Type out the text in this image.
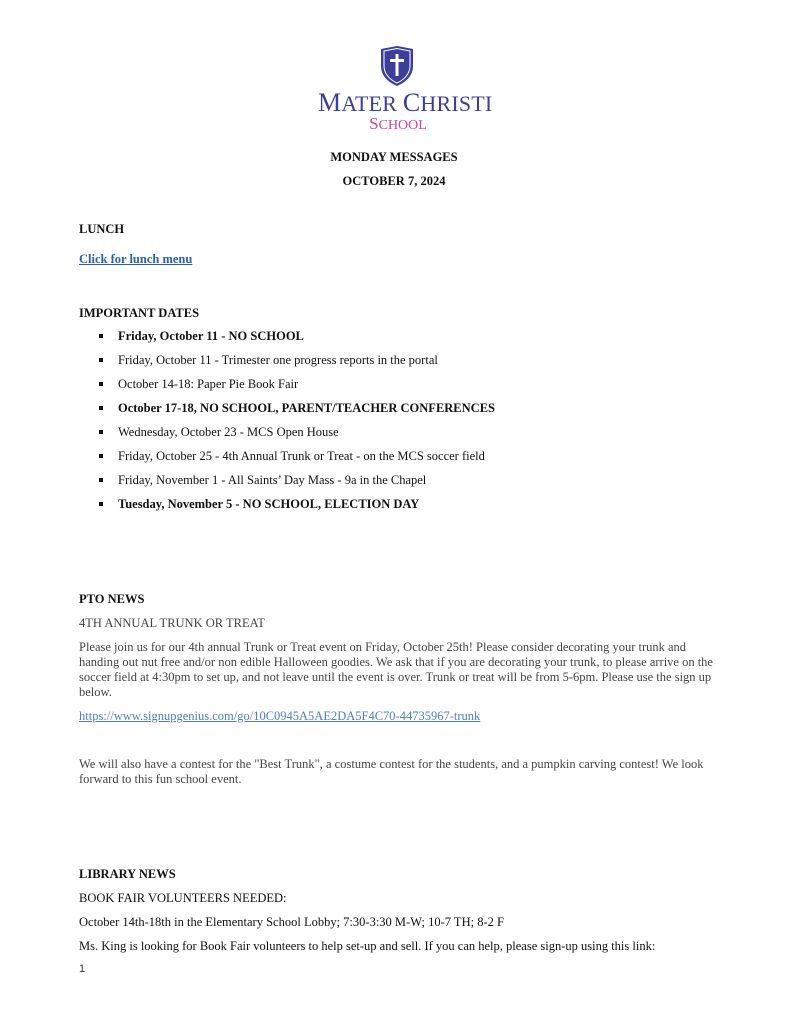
MATER CHRISTI
SCHOOL
MONDAY MESSAGES
OCTOBER 7, 2024
LUNCH
Click for lunch menu
IMPORTANT DATES
Friday, October 11 - NO SCHOOL
Friday, October 11 - Trimester one progress reports in the portal
October 14-18: Paper Pie Book Fair
October 17-18, NO SCHOOL, PARENT/TEACHER CONFERENCES
Wednesday, October 23 - MCS Open House
Friday, October 25 - 4th Annual Trunk or Treat - on the MCS soccer field
Friday, November 1 - All Saints’ Day Mass - 9a in the Chapel
Tuesday, November 5 - NO SCHOOL, ELECTION DAY
PTO NEWS
4TH ANNUAL TRUNK OR TREAT
Please join us for our 4th annual Trunk or Treat event on Friday, October 25th! Please consider decorating your trunk and handing out nut free and/or non edible Halloween goodies. We ask that if you are decorating your trunk, to please arrive on the soccer field at 4:30pm to set up, and not leave until the event is over. Trunk or treat will be from 5-6pm. Please use the sign up below.
https://www.signupgenius.com/go/10C0945A5AE2DA5F4C70-44735967-trunk
We will also have a contest for the "Best Trunk", a costume contest for the students, and a pumpkin carving contest! We look forward to this fun school event.
LIBRARY NEWS
BOOK FAIR VOLUNTEERS NEEDED:
October 14th-18th in the Elementary School Lobby; 7:30-3:30 M-W; 10-7 TH; 8-2 F
Ms. King is looking for Book Fair volunteers to help set-up and sell. If you can help, please sign-up using this link:
1
